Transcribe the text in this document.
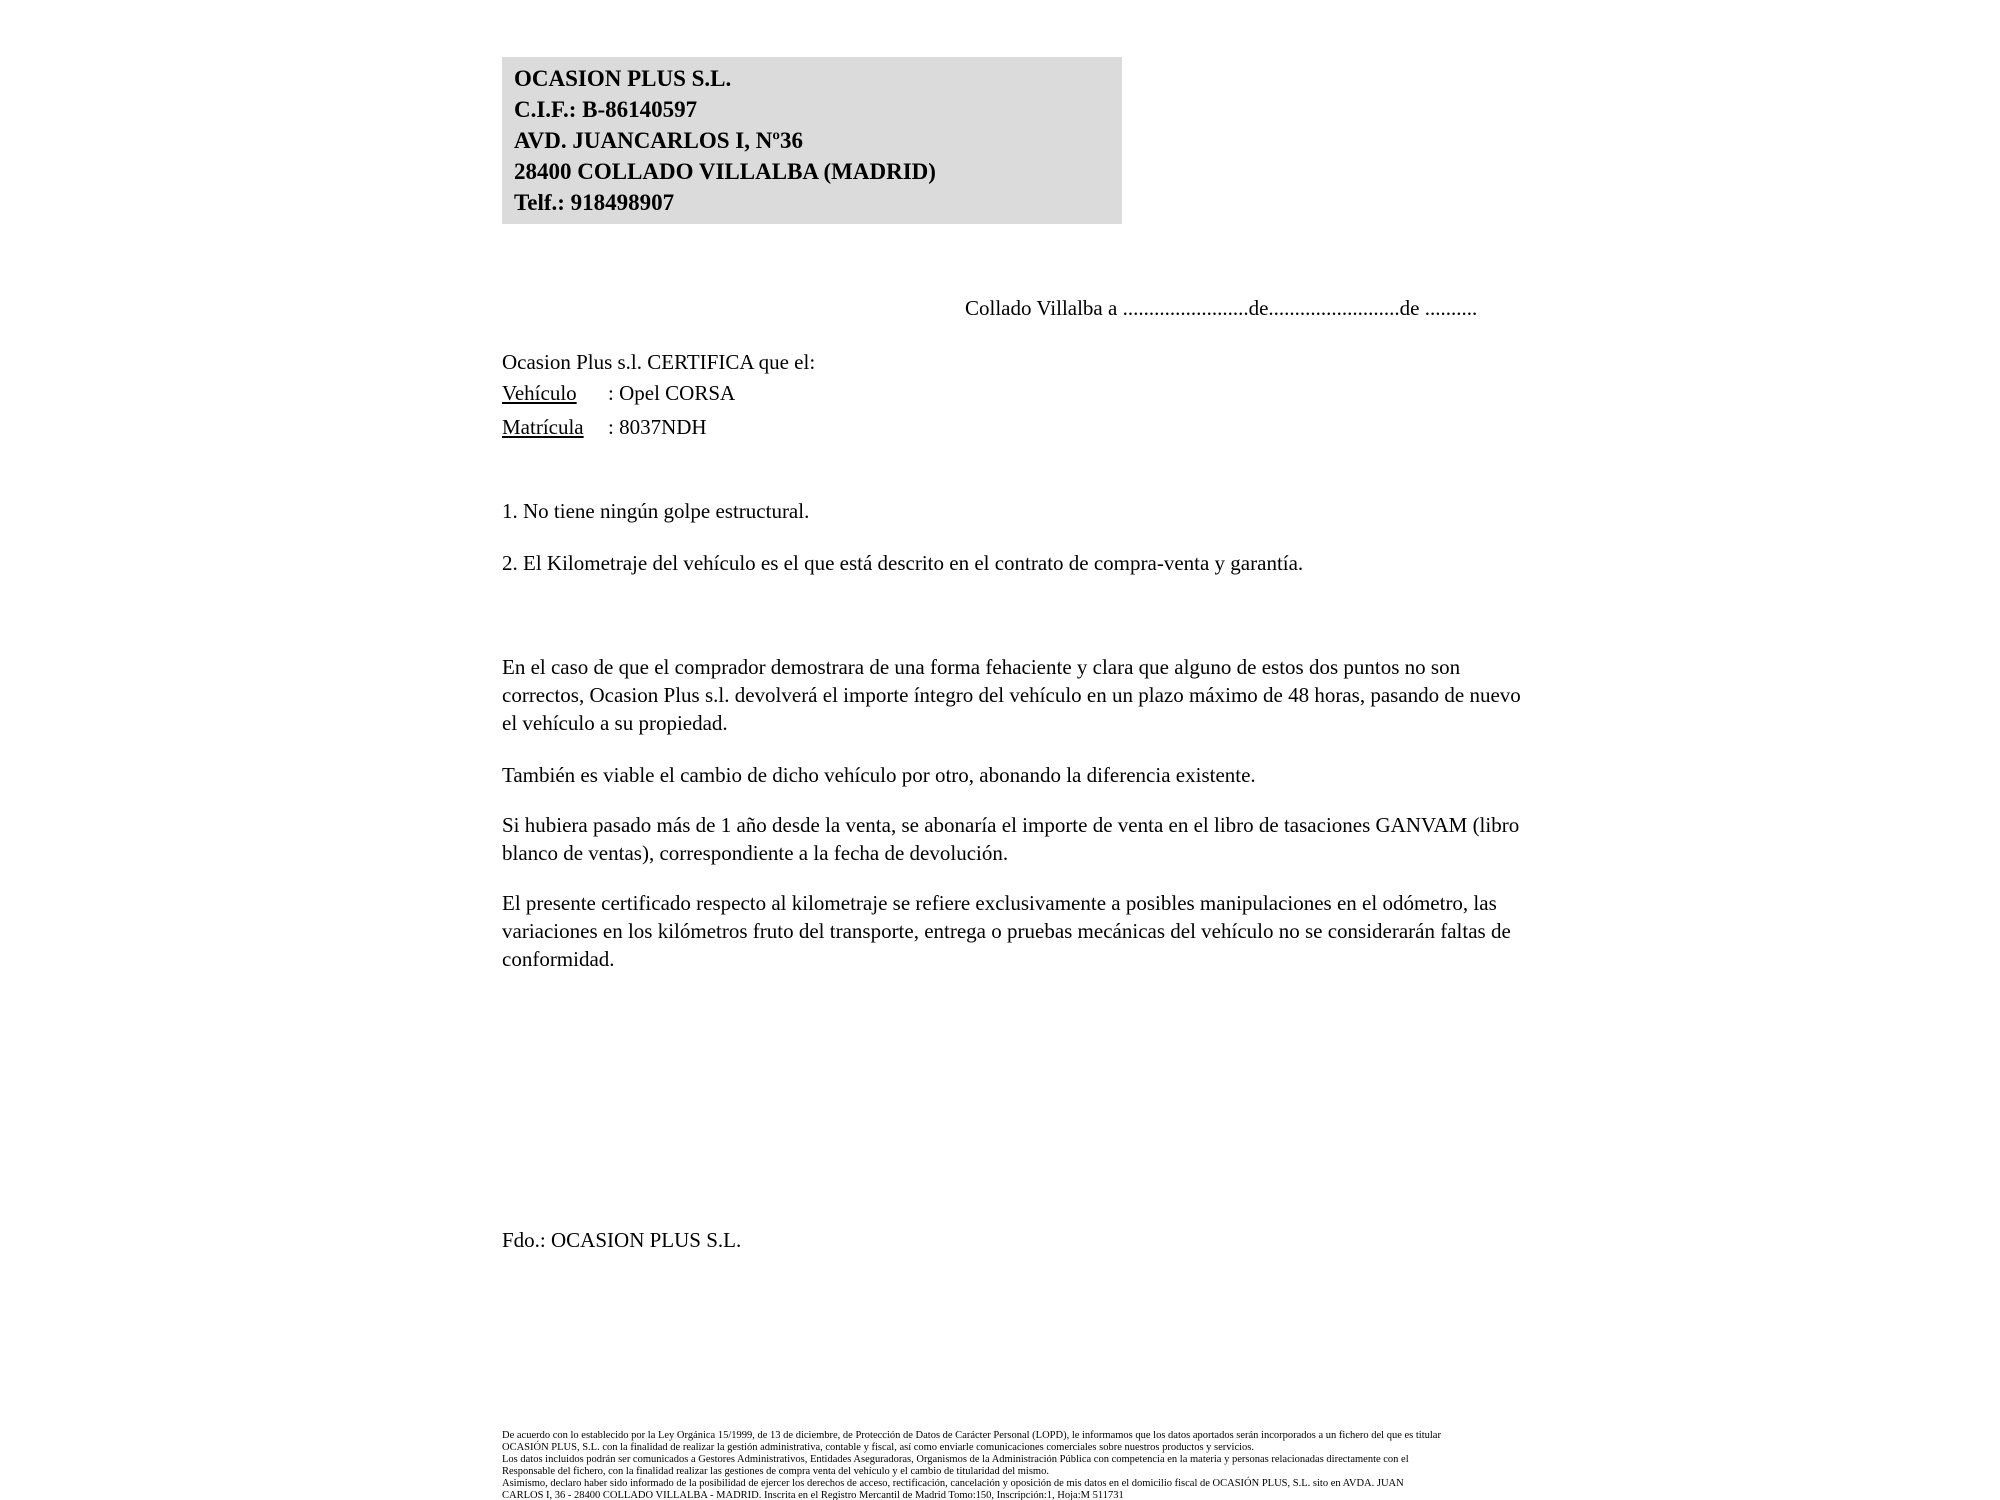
OCASION PLUS S.L.
C.I.F.: B-86140597
AVD. JUANCARLOS I, Nº36
28400 COLLADO VILLALBA (MADRID)
Telf.: 918498907
Collado Villalba a ........................de.........................de ..........
Ocasion Plus s.l. CERTIFICA que el:
Vehículo : Opel CORSA
Matrícula : 8037NDH
1. No tiene ningún golpe estructural.
2. El Kilometraje del vehículo es el que está descrito en el contrato de compra-venta y garantía.
En el caso de que el comprador demostrara de una forma fehaciente y clara que alguno de estos dos puntos no son correctos, Ocasion Plus s.l. devolverá el importe íntegro del vehículo en un plazo máximo de 48 horas, pasando de nuevo el vehículo a su propiedad.
También es viable el cambio de dicho vehículo por otro, abonando la diferencia existente.
Si hubiera pasado más de 1 año desde la venta, se abonaría el importe de venta en el libro de tasaciones GANVAM (libro blanco de ventas), correspondiente a la fecha de devolución.
El presente certificado respecto al kilometraje se refiere exclusivamente a posibles manipulaciones en el odómetro, las variaciones en los kilómetros fruto del transporte, entrega o pruebas mecánicas del vehículo no se considerarán faltas de conformidad.
Fdo.: OCASION PLUS S.L.
De acuerdo con lo establecido por la Ley Orgánica 15/1999, de 13 de diciembre, de Protección de Datos de Carácter Personal (LOPD), le informamos que los datos aportados serán incorporados a un fichero del que es titular
OCASIÓN PLUS, S.L. con la finalidad de realizar la gestión administrativa, contable y fiscal, así como enviarle comunicaciones comerciales sobre nuestros productos y servicios.
Los datos incluidos podrán ser comunicados a Gestores Administrativos, Entidades Aseguradoras, Organismos de la Administración Pública con competencia en la materia y personas relacionadas directamente con el
Responsable del fichero, con la finalidad realizar las gestiones de compra venta del vehículo y el cambio de titularidad del mismo.
Asimismo, declaro haber sido informado de la posibilidad de ejercer los derechos de acceso, rectificación, cancelación y oposición de mis datos en el domicilio fiscal de OCASIÓN PLUS, S.L. sito en AVDA. JUAN
CARLOS I, 36 - 28400 COLLADO VILLALBA - MADRID. Inscrita en el Registro Mercantil de Madrid Tomo:150, Inscripción:1, Hoja:M 511731
